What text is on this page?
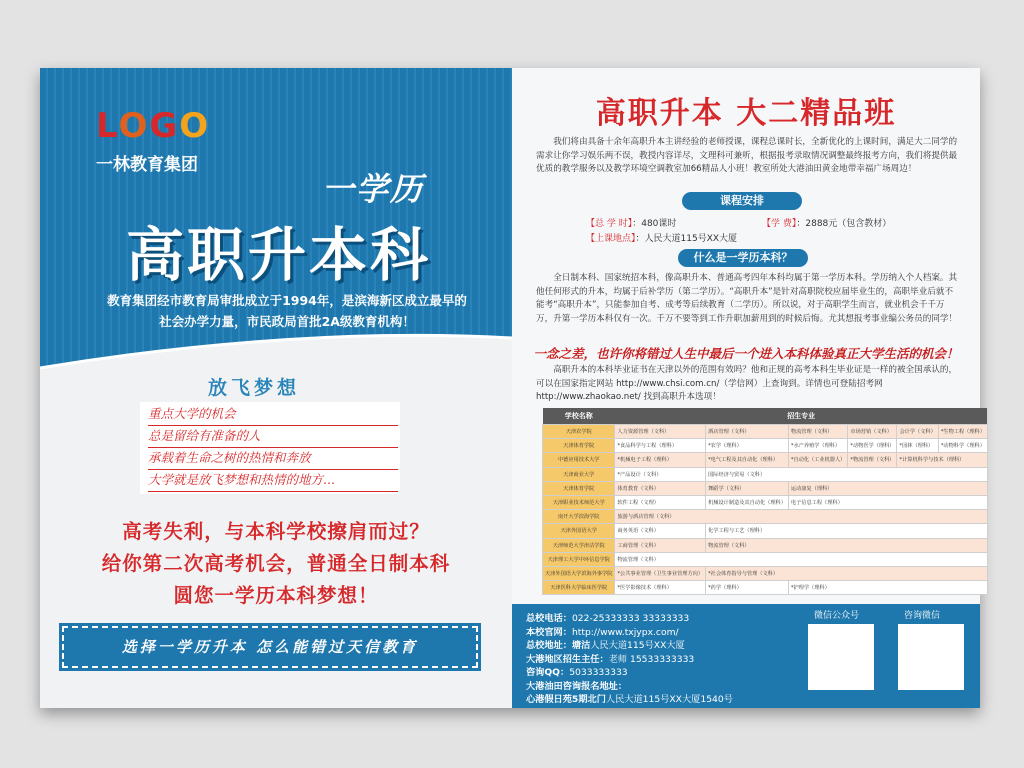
LOGO
一林教育集团
一学历
高职升本科
教育集团经市教育局审批成立于1994年，是滨海新区成立最早的
社会办学力量，市民政局首批2A级教育机构！
放飞梦想
重点大学的机会
总是留给有准备的人
承载着生命之树的热情和奔放
大学就是放飞梦想和热情的地方...
高考失利，与本科学校擦肩而过？
给你第二次高考机会，普通全日制本科
圆您一学历本科梦想！
选择一学历升本 怎么能错过天信教育
高职升本 大二精品班
我们将由具备十余年高职升本主讲经验的老师授课，课程总课时长，全新优化的上课时间，满足大二同学的需求让你学习娱乐两不误，教授内容详尽，文理科可兼听，根据报考录取情况调整最终报考方向，我们将提供最优质的教学服务以及教学环境空调教室加66精品人小班！教室所处大港油田黄金地带幸福广场周边！
课程安排
【总 学 时】：480课时	【学 费】：2888元（包含教材）
【上课地点】：人民大道115号XX大厦
什么是一学历本科？
全日制本科、国家统招本科，像高职升本、普通高考四年本科均属于第一学历本科。学历纳入个人档案。其他任何形式的升本，均属于后补学历（第二学历）。“高职升本”是针对高职院校应届毕业生的，高职毕业后就不能考“高职升本”，只能参加自考、成考等后续教育（二学历）。所以说，对于高职学生而言，就业机会千千万万，升第一学历本科仅有一次。千万不要等到工作升职加薪用到的时候后悔。尤其想报考事业编公务员的同学！
一念之差，也许你将错过人生中最后一个进入本科体验真正大学生活的机会！
高职升本的本科毕业证书在天津以外的范围有效吗？他和正规的高考本科生毕业证是一样的被全国承认的，可以在国家指定网站 http://www.chsi.com.cn/（学信网）上查询到。详情也可登陆招考网 http://www.zhaokao.net/ 找到高职升本选项！
学校名称	招生专业					
天津农学院	人力资源管理（文科）	酒店管理（文科）	物流管理（文科）	市场营销（文科）	会计学（文科）	*生物工程（理科）
天津体育学院	*食品科学与工程（理科）	*农学（理科）	*水产养殖学（理科）	*动物医学（理科）	*园林（理科）	*动物科学（理科）
中德应用技术大学	*机械电子工程（理科）	*电气工程及其自动化（理科）	*自动化（工业机器人）	*物流管理（文科）	*计算机科学与技术（理科）	
天津商业大学	*产品设计（文科）	国际经济与贸易（文科）				
天津体育学院	体育教育（文科）	舞蹈学（文科）	运动康复（理科）			
天津职业技术师范大学	软件工程（文理）	机械设计制造及其自动化（理科）	电子信息工程（理科）			
南开大学滨海学院	旅游与酒店管理（文科）					
天津外国语大学	商务英语（文科）	化学工程与工艺（理科）				
天津师范大学津沽学院	工商管理（文科）	物流管理（文科）				
天津理工大学中环信息学院	物流管理（文科）					
天津外国语大学滨海外事学院	*公共事业管理（卫生事业管理方向）	*社会体育指导与管理（文科）				
天津医科大学临床医学院	*医学影像技术（理科）	*药学（理科）	*护理学（理科）			
总校电话：022-25333333 33333333
本校官网：http://www.txjypx.com/
总校地址：塘沽人民大道115号XX大厦
大港地区招生主任：老师 15533333333
咨询QQ：5033333333
大港油田咨询报名地址：
心港假日苑5期北门人民大道115号XX大厦1540号
微信公众号	咨询微信
